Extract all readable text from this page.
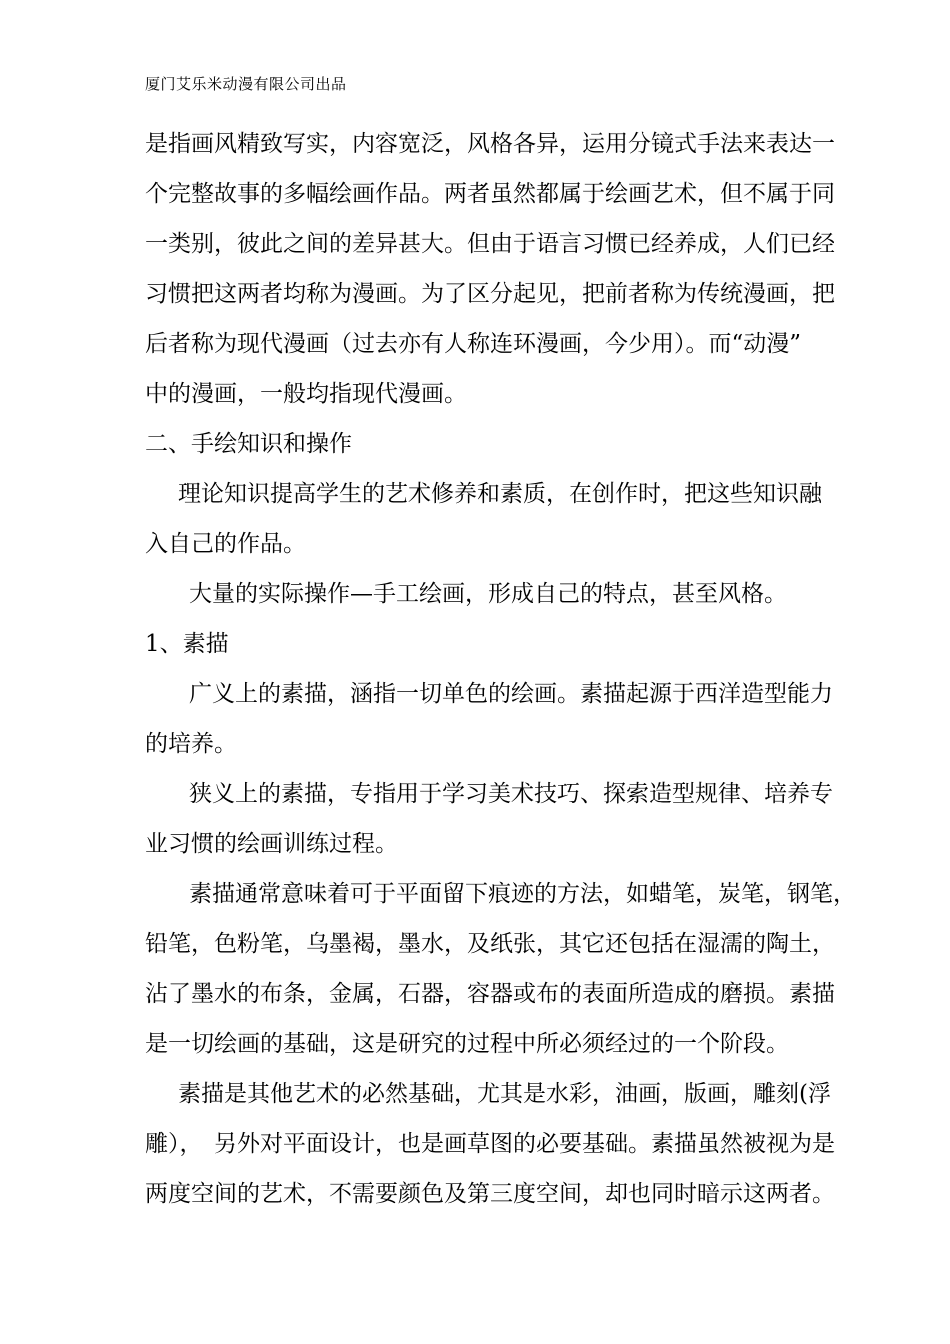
厦门艾乐米动漫有限公司出品
是指画风精致写实，内容宽泛，风格各异，运用分镜式手法来表达一
个完整故事的多幅绘画作品。两者虽然都属于绘画艺术，但不属于同
一类别，彼此之间的差异甚大。但由于语言习惯已经养成，人们已经
习惯把这两者均称为漫画。为了区分起见，把前者称为传统漫画，把
后者称为现代漫画（过去亦有人称连环漫画，今少用）。而“动漫”
中的漫画，一般均指现代漫画。
二、手绘知识和操作
理论知识提高学生的艺术修养和素质，在创作时，把这些知识融
入自己的作品。
大量的实际操作—手工绘画，形成自己的特点，甚至风格。
1、素描
广义上的素描，涵指一切单色的绘画。素描起源于西洋造型能力
的培养。
狭义上的素描，专指用于学习美术技巧、探索造型规律、培养专
业习惯的绘画训练过程。
素描通常意味着可于平面留下痕迹的方法，如蜡笔，炭笔，钢笔，
铅笔，色粉笔，乌墨褐，墨水，及纸张，其它还包括在湿濡的陶土，
沾了墨水的布条，金属，石器，容器或布的表面所造成的磨损。素描
是一切绘画的基础，这是研究的过程中所必须经过的一个阶段。
素描是其他艺术的必然基础，尤其是水彩，油画，版画，雕刻(浮
雕），　另外对平面设计，也是画草图的必要基础。素描虽然被视为是
两度空间的艺术，不需要颜色及第三度空间，却也同时暗示这两者。
